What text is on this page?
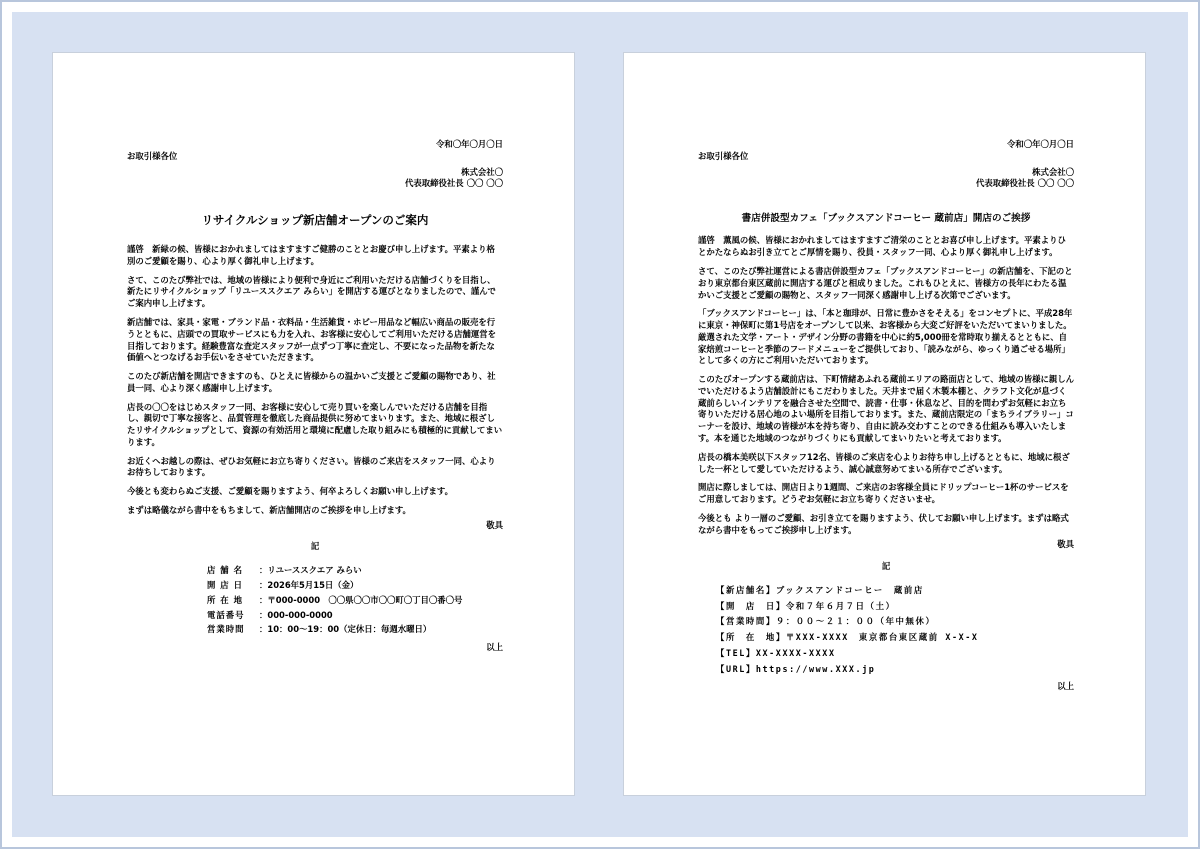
令和〇年〇月〇日
お取引様各位
株式会社〇
代表取締役社長 〇〇 〇〇
リサイクルショップ新店舗オープンのご案内

謹啓　新緑の候、皆様におかれましてはますますご健勝のこととお慶び申し上げます。平素より格別のご愛顧を賜り、心より厚く御礼申し上げます。

さて、このたび弊社では、地域の皆様により便利で身近にご利用いただける店舗づくりを目指し、新たにリサイクルショップ「リユーススクエア みらい」を開店する運びとなりましたので、謹んでご案内申し上げます。

新店舗では、家具・家電・ブランド品・衣料品・生活雑貨・ホビー用品など幅広い商品の販売を行うとともに、店頭での買取サービスにも力を入れ、お客様に安心してご利用いただける店舗運営を目指しております。経験豊富な査定スタッフが一点ずつ丁寧に査定し、不要になった品物を新たな価値へとつなげるお手伝いをさせていただきます。

このたび新店舗を開店できますのも、ひとえに皆様からの温かいご支援とご愛顧の賜物であり、社員一同、心より深く感謝申し上げます。

店長の〇〇をはじめスタッフ一同、お客様に安心して売り買いを楽しんでいただける店舗を目指し、親切で丁寧な接客と、品質管理を徹底した商品提供に努めてまいります。また、地域に根ざしたリサイクルショップとして、資源の有効活用と環境に配慮した取り組みにも積極的に貢献してまいります。

お近くへお越しの際は、ぜひお気軽にお立ち寄りください。皆様のご来店をスタッフ一同、心よりお待ちしております。

今後とも変わらぬご支援、ご愛顧を賜りますよう、何卒よろしくお願い申し上げます。

まずは略儀ながら書中をもちまして、新店舗開店のご挨拶を申し上げます。

敬具
記
店 舗 名	：リユーススクエア みらい
開 店 日	：2026年5月15日（金）
所 在 地	：〒000-0000　〇〇県〇〇市〇〇町〇丁目〇番〇号
電話番号	：000-000-0000
営業時間	：10：00〜19：00（定休日：毎週水曜日）
以上
令和〇年〇月〇日
お取引様各位
株式会社〇
代表取締役社長 〇〇 〇〇
書店併設型カフェ「ブックスアンドコーヒー 蔵前店」開店のご挨拶

謹啓　薫風の候、皆様におかれましてはますますご清栄のこととお喜び申し上げます。平素よりひとかたならぬお引き立てとご厚情を賜り、役員・スタッフ一同、心より厚く御礼申し上げます。

さて、このたび弊社運営による書店併設型カフェ「ブックスアンドコーヒー」の新店舗を、下記のとおり東京都台東区蔵前に開店する運びと相成りました。これもひとえに、皆様方の長年にわたる温かいご支援とご愛顧の賜物と、スタッフ一同深く感謝申し上げる次第でございます。

「ブックスアンドコーヒー」は、「本と珈琲が、日常に豊かさをそえる」をコンセプトに、平成28年に東京・神保町に第1号店をオープンして以来、お客様から大変ご好評をいただいてまいりました。厳選された文学・アート・デザイン分野の書籍を中心に約5,000冊を常時取り揃えるとともに、自家焙煎コーヒーと季節のフードメニューをご提供しており、「読みながら、ゆっくり過ごせる場所」として多くの方にご利用いただいております。

このたびオープンする蔵前店は、下町情緒あふれる蔵前エリアの路面店として、地域の皆様に親しんでいただけるよう店舗設計にもこだわりました。天井まで届く木製本棚と、クラフト文化が息づく蔵前らしいインテリアを融合させた空間で、読書・仕事・休息など、目的を問わずお気軽にお立ち寄りいただける居心地のよい場所を目指しております。また、蔵前店限定の「まちライブラリー」コーナーを設け、地域の皆様が本を持ち寄り、自由に読み交わすことのできる仕組みも導入いたします。本を通じた地域のつながりづくりにも貢献してまいりたいと考えております。

店長の橋本美咲以下スタッフ12名、皆様のご来店を心よりお待ち申し上げるとともに、地域に根ざした一杯として愛していただけるよう、誠心誠意努めてまいる所存でございます。

開店に際しましては、開店日より1週間、ご来店のお客様全員にドリップコーヒー1杯のサービスをご用意しております。どうぞお気軽にお立ち寄りくださいませ。

今後とも より一層のご愛顧、お引き立てを賜りますよう、伏してお願い申し上げます。まずは略式ながら書中をもってご挨拶申し上げます。

敬具
記
【新店舗名】ブックスアンドコーヒー　蔵前店
【開　店　日】令和７年６月７日（土）
【営業時間】９：００〜２１：００（年中無休）
【所　在　地】〒XXX-XXXX　東京都台東区蔵前 X-X-X
【TEL】XX-XXXX-XXXX
【URL】https://www.XXX.jp
以上
